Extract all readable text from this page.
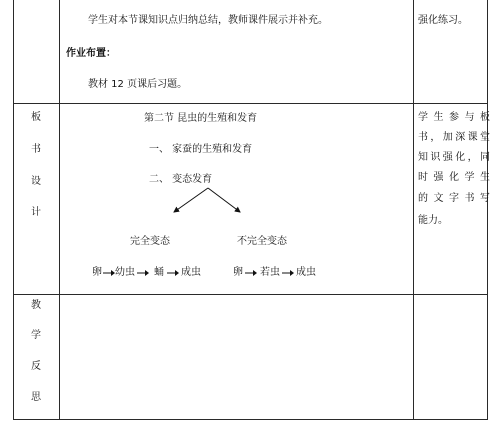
学生对本节课知识点归纳总结，教师课件展示并补充。
作业布置：
教材 12 页课后习题。
强化练习。
板
书
设
计
第二节 昆虫的生殖和发育
一、 家蚕的生殖和发育
二、 变态发育
完全变态	不完全变态
卵 幼虫 蛹 成虫	卵 若虫 成虫
学生参与板
书，加深课堂
知识强化，同
时强化学生
的文字书写
能力。
教
学
反
思
